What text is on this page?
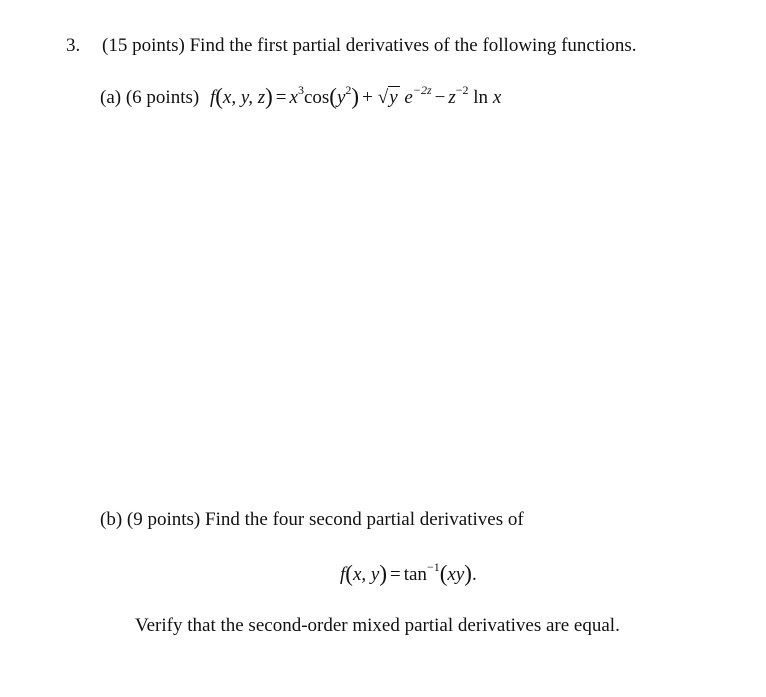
3. (15 points) Find the first partial derivatives of the following functions.
(a) (6 points) f(x, y, $z) = x^3\cos(y^2) + √y$ $e^{-2z} - z^{-2}$ ln x
(b) (9 points) Find the four second partial derivatives of
f(x, $y) = \tan^{-1}(xy)$.
Verify that the second-order mixed partial derivatives are equal.
